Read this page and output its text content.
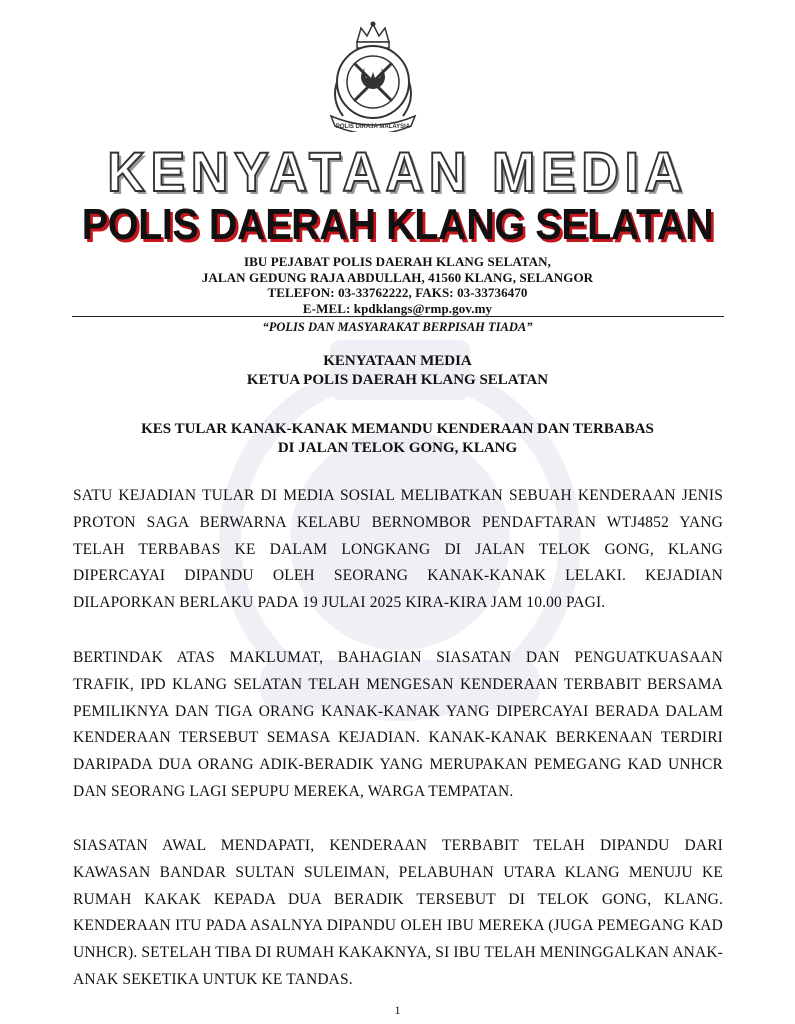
POLIS DIRAJA MALAYSIA
KENYATAAN MEDIA
POLIS DAERAH KLANG SELATAN
IBU PEJABAT POLIS DAERAH KLANG SELATAN,
JALAN GEDUNG RAJA ABDULLAH, 41560 KLANG, SELANGOR
TELEFON: 03-33762222, FAKS: 03-33736470
E-MEL: kpdklangs@rmp.gov.my
“POLIS DAN MASYARAKAT BERPISAH TIADA”
KENYATAAN MEDIA
KETUA POLIS DAERAH KLANG SELATAN
KES TULAR KANAK-KANAK MEMANDU KENDERAAN DAN TERBABAS
DI JALAN TELOK GONG, KLANG

SATU KEJADIAN TULAR DI MEDIA SOSIAL MELIBATKAN SEBUAH KENDERAAN JENIS PROTON SAGA BERWARNA KELABU BERNOMBOR PENDAFTARAN WTJ4852 YANG TELAH TERBABAS KE DALAM LONGKANG DI JALAN TELOK GONG, KLANG DIPERCAYAI DIPANDU OLEH SEORANG KANAK-KANAK LELAKI. KEJADIAN DILAPORKAN BERLAKU PADA 19 JULAI 2025 KIRA-KIRA JAM 10.00 PAGI.

BERTINDAK ATAS MAKLUMAT, BAHAGIAN SIASATAN DAN PENGUATKUASAAN TRAFIK, IPD KLANG SELATAN TELAH MENGESAN KENDERAAN TERBABIT BERSAMA PEMILIKNYA DAN TIGA ORANG KANAK-KANAK YANG DIPERCAYAI BERADA DALAM KENDERAAN TERSEBUT SEMASA KEJADIAN. KANAK-KANAK BERKENAAN TERDIRI DARIPADA DUA ORANG ADIK-BERADIK YANG MERUPAKAN PEMEGANG KAD UNHCR DAN SEORANG LAGI SEPUPU MEREKA, WARGA TEMPATAN.

SIASATAN AWAL MENDAPATI, KENDERAAN TERBABIT TELAH DIPANDU DARI KAWASAN BANDAR SULTAN SULEIMAN, PELABUHAN UTARA KLANG MENUJU KE RUMAH KAKAK KEPADA DUA BERADIK TERSEBUT DI TELOK GONG, KLANG. KENDERAAN ITU PADA ASALNYA DIPANDU OLEH IBU MEREKA (JUGA PEMEGANG KAD UNHCR). SETELAH TIBA DI RUMAH KAKAKNYA, SI IBU TELAH MENINGGALKAN ANAK-ANAK SEKETIKA UNTUK KE TANDAS.

1
